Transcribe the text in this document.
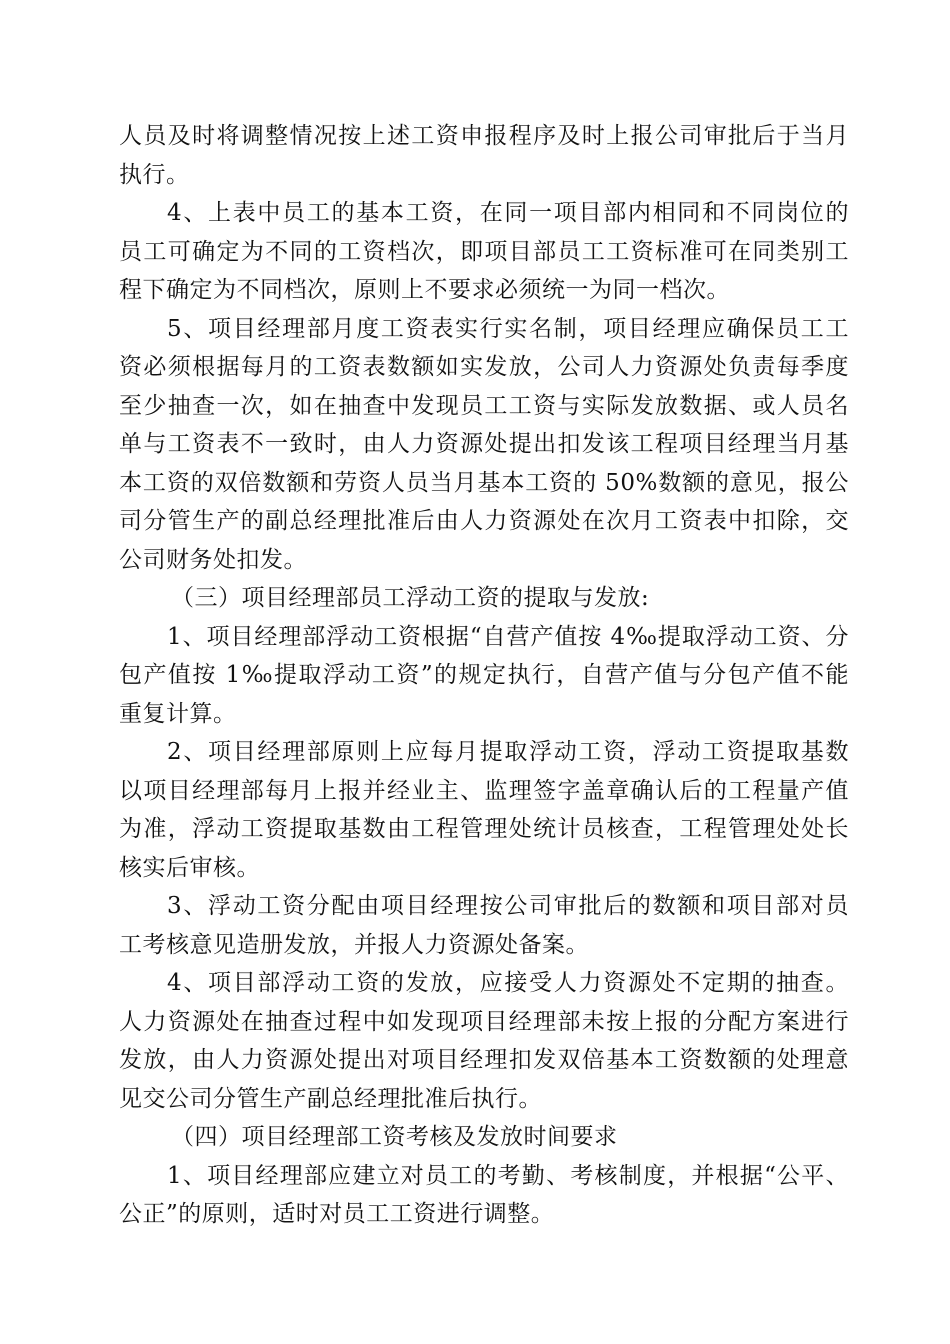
人员及时将调整情况按上述工资申报程序及时上报公司审批后于当月
执行。
4、上表中员工的基本工资，在同一项目部内相同和不同岗位的
员工可确定为不同的工资档次，即项目部员工工资标准可在同类别工
程下确定为不同档次，原则上不要求必须统一为同一档次。
5、项目经理部月度工资表实行实名制，项目经理应确保员工工
资必须根据每月的工资表数额如实发放，公司人力资源处负责每季度
至少抽查一次，如在抽查中发现员工工资与实际发放数据、或人员名
单与工资表不一致时，由人力资源处提出扣发该工程项目经理当月基
本工资的双倍数额和劳资人员当月基本工资的 50%数额的意见，报公
司分管生产的副总经理批准后由人力资源处在次月工资表中扣除，交
公司财务处扣发。
（三）项目经理部员工浮动工资的提取与发放:
1、项目经理部浮动工资根据“自营产值按 4‰提取浮动工资、分
包产值按 1‰提取浮动工资”的规定执行，自营产值与分包产值不能
重复计算。
2、项目经理部原则上应每月提取浮动工资，浮动工资提取基数
以项目经理部每月上报并经业主、监理签字盖章确认后的工程量产值
为准，浮动工资提取基数由工程管理处统计员核查，工程管理处处长
核实后审核。
3、浮动工资分配由项目经理按公司审批后的数额和项目部对员
工考核意见造册发放，并报人力资源处备案。
4、项目部浮动工资的发放，应接受人力资源处不定期的抽查。
人力资源处在抽查过程中如发现项目经理部未按上报的分配方案进行
发放，由人力资源处提出对项目经理扣发双倍基本工资数额的处理意
见交公司分管生产副总经理批准后执行。
（四）项目经理部工资考核及发放时间要求
1、项目经理部应建立对员工的考勤、考核制度，并根据“公平、
公正”的原则，适时对员工工资进行调整。
